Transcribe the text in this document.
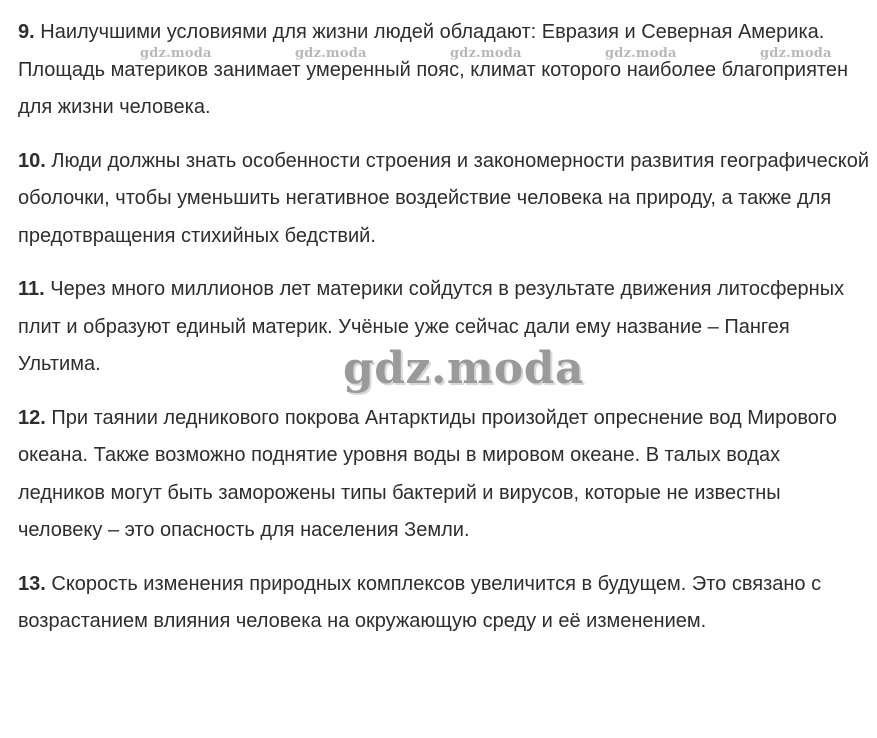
9. Наилучшими условиями для жизни людей обладают: Евразия и Северная Америка. Площадь материков занимает умеренный пояс, климат которого наиболее благоприятен для жизни человека.

10. Люди должны знать особенности строения и закономерности развития географической оболочки, чтобы уменьшить негативное воздействие человека на природу, а также для предотвращения стихийных бедствий.

11. Через много миллионов лет материки сойдутся в результате движения литосферных плит и образуют единый материк. Учёные уже сейчас дали ему название – Пангея Ультима.

12. При таянии ледникового покрова Антарктиды произойдет опреснение вод Мирового океана. Также возможно поднятие уровня воды в мировом океане. В талых водах ледников могут быть заморожены типы бактерий и вирусов, которые не известны человеку – это опасность для населения Земли.

13. Скорость изменения природных комплексов увеличится в будущем. Это связано с возрастанием влияния человека на окружающую среду и её изменением.

gdz.moda	gdz.moda	gdz.moda	gdz.moda	gdz.moda
gdz.moda
